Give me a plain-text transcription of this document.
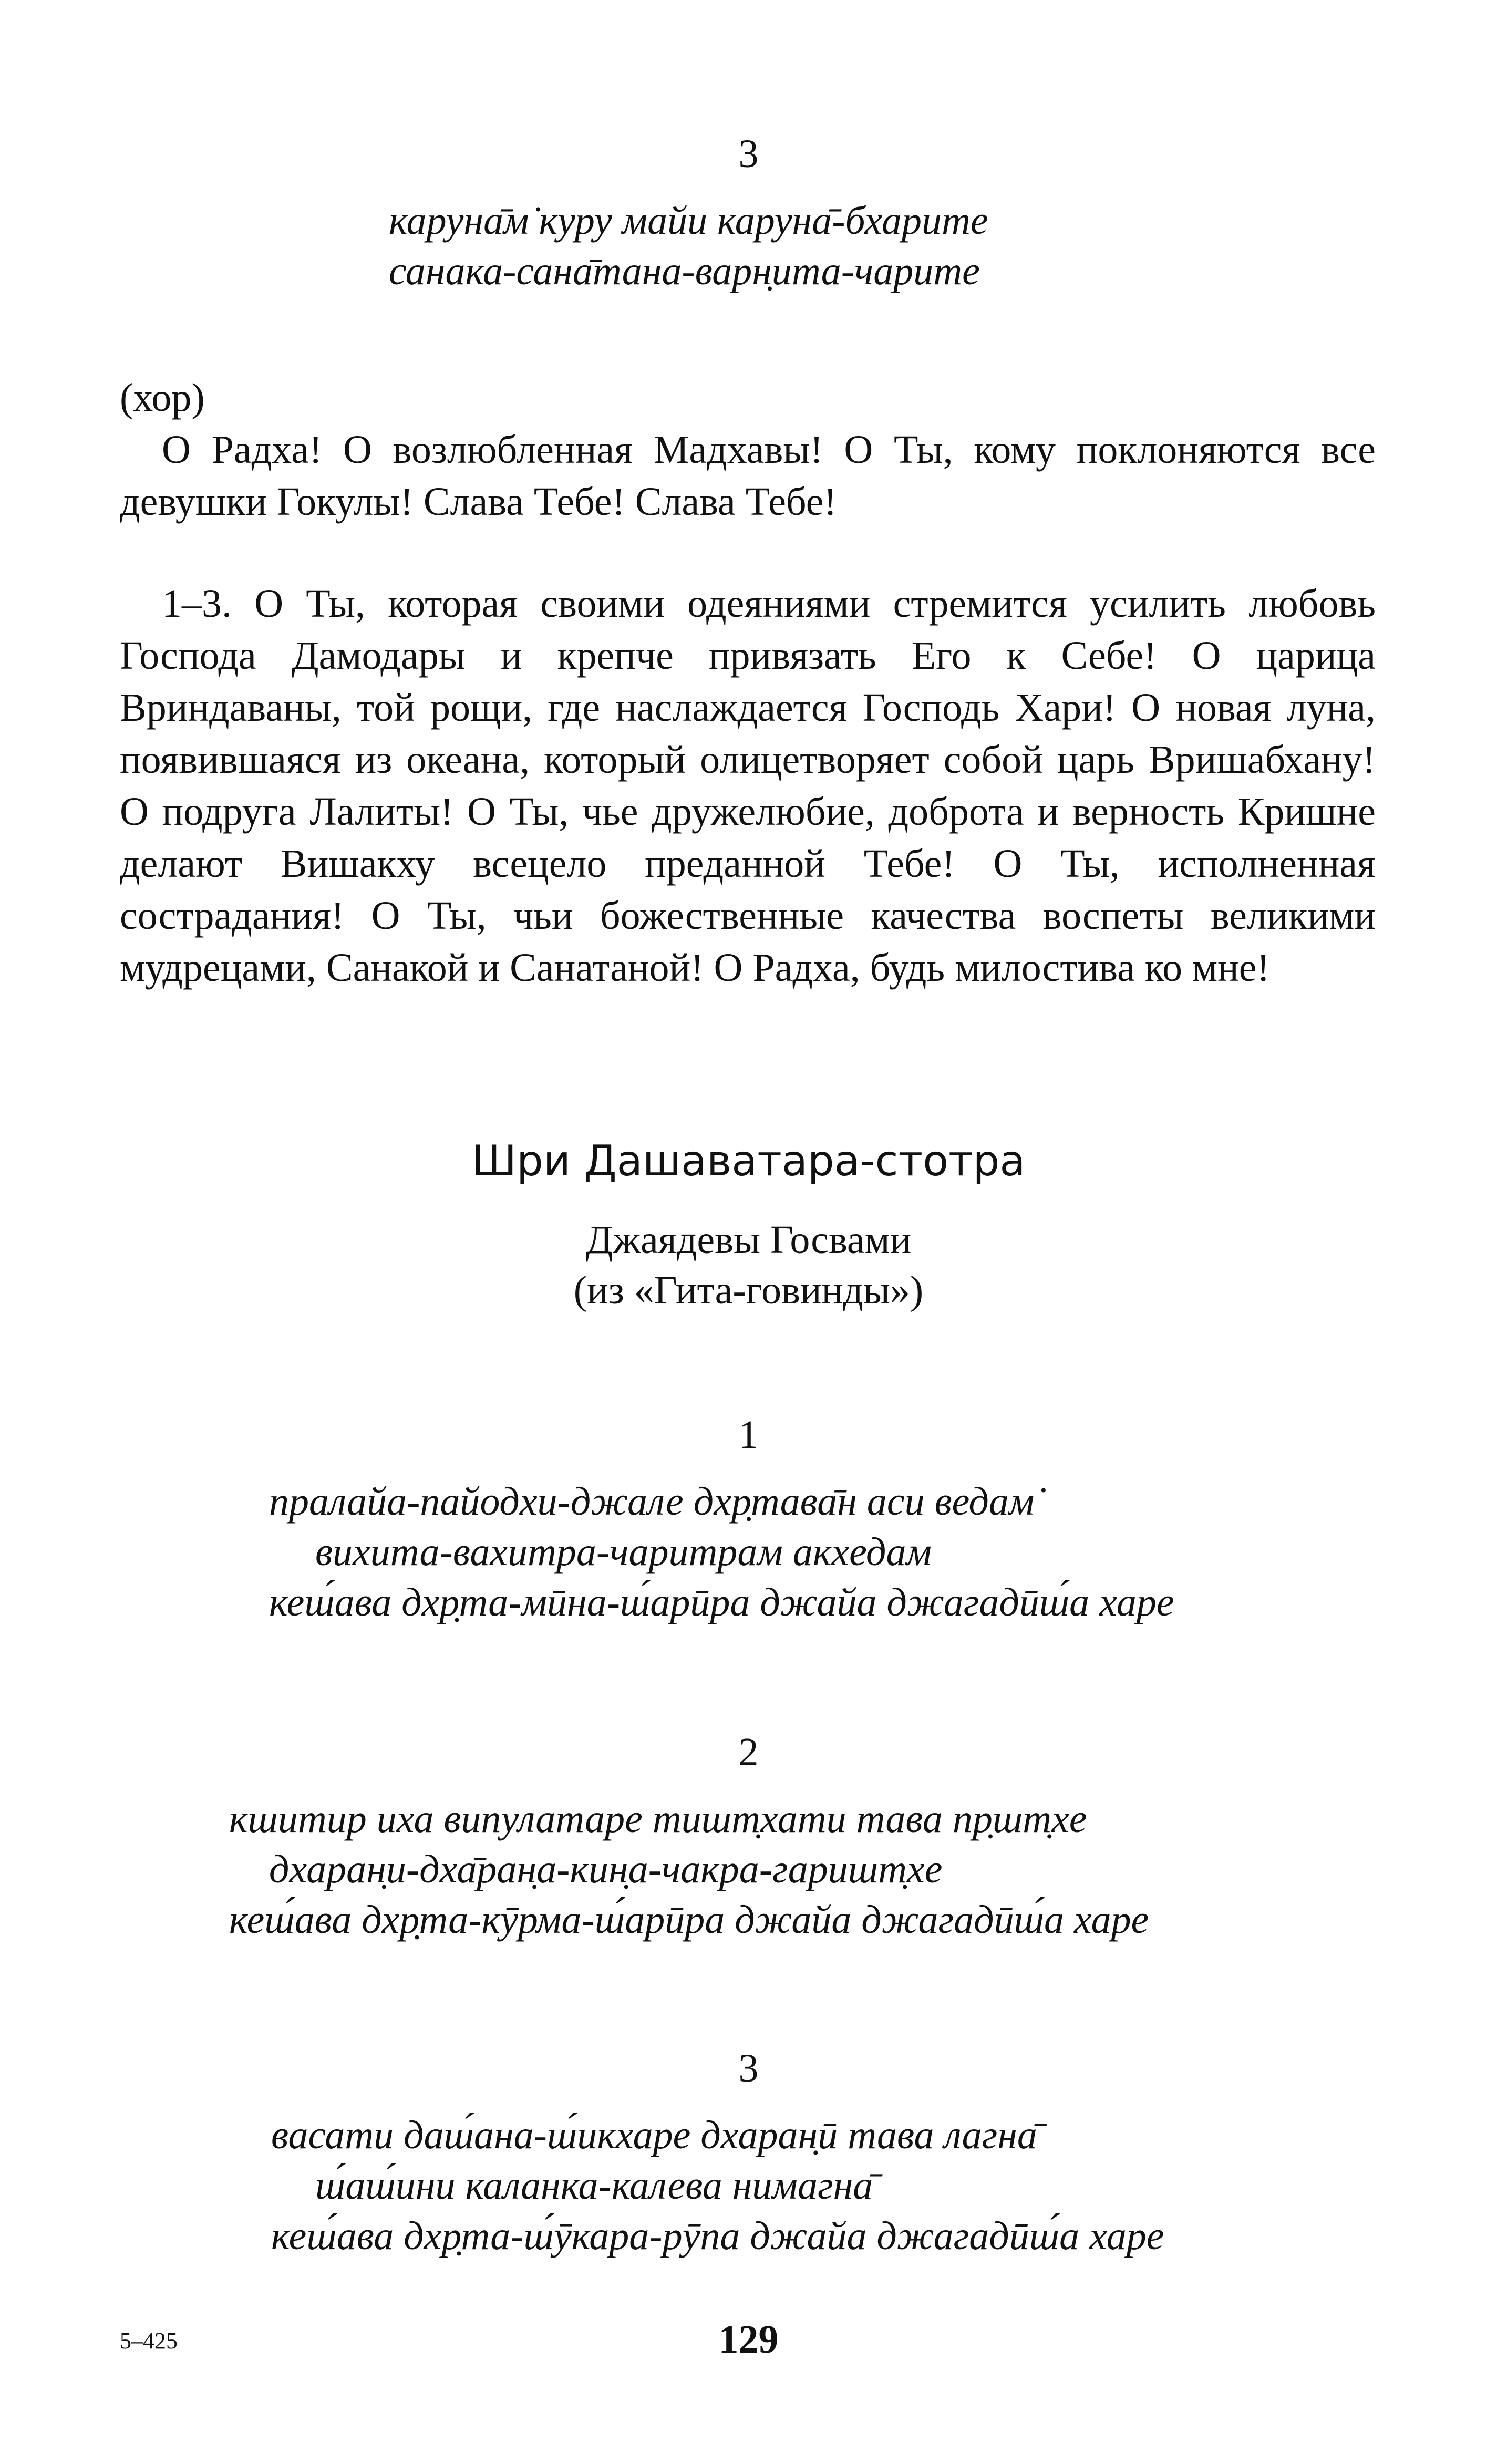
3
каруна̄м̇ куру майи каруна̄-бхарите
санака-сана̄тана-варн̣ита-чарите
(хор)

О Радха! О возлюбленная Мадхавы! О Ты, кому поклоняются все девушки Гокулы! Слава Тебе! Слава Тебе!

1–3. О Ты, которая своими одеяниями стремится усилить любовь Господа Дамодары и крепче привязать Его к Себе! О царица Вриндаваны, той рощи, где наслаждается Господь Хари! О новая луна, появившаяся из океана, который олицетворяет собой царь Вришабхану! О подруга Лалиты! О Ты, чье дружелюбие, доброта и верность Кришне делают Вишакху всецело преданной Тебе! О Ты, исполненная сострадания! О Ты, чьи божественные качества воспеты великими мудрецами, Санакой и Санатаной! О Радха, будь милостива ко мне!

Шри Дашаватара-стотра
Джаядевы Госвами
(из «Гита-говинды»)
1
пралайа-пайодхи-джале дхр̣тава̄н аси ведам̇
вихита-вахитра-чаритрам акхедам
кеш́ава дхр̣та-мӣна-ш́арӣра джайа джагадӣш́а харе
2
кшитир иха випулатаре тишт̣хати тава пр̣шт̣хе
дхаран̣и-дха̄ран̣а-кин̣а-чакра-гаришт̣хе
кеш́ава дхр̣та-кӯрма-ш́арӣра джайа джагадӣш́а харе
3
васати даш́ана-ш́икхаре дхаран̣ӣ тава лагна̄
ш́аш́ини каланка-калева нимагна̄
кеш́ава дхр̣та-ш́ӯкара-рӯпа джайа джагадӣш́а харе
5–425	129
